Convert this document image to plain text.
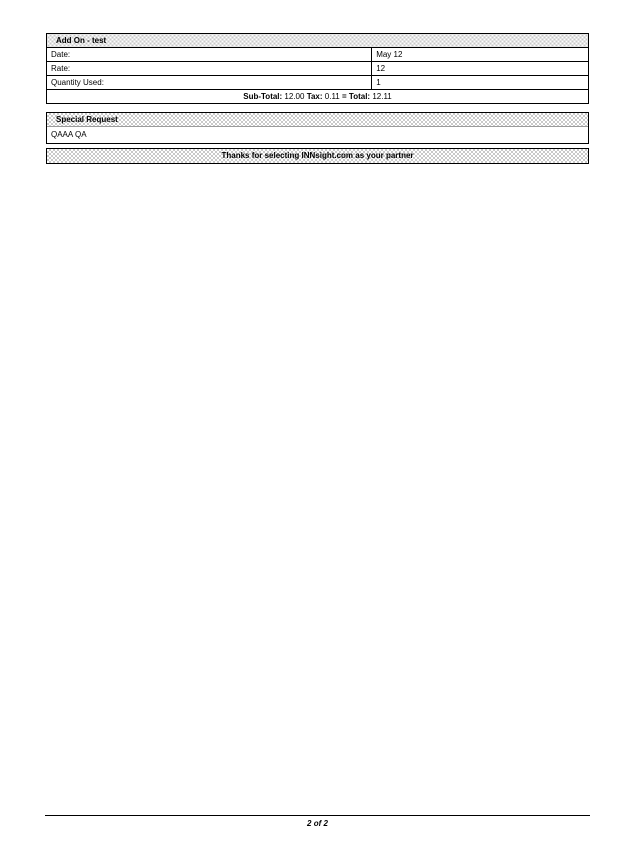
Add On - test	
Date:	May 12
Rate:	12
Quantity Used:	1
Sub-Total: 12.00 Tax: 0.11 = Total: 12.11	
Special Request
QAAA QA
Thanks for selecting INNsight.com as your partner
2 of 2
